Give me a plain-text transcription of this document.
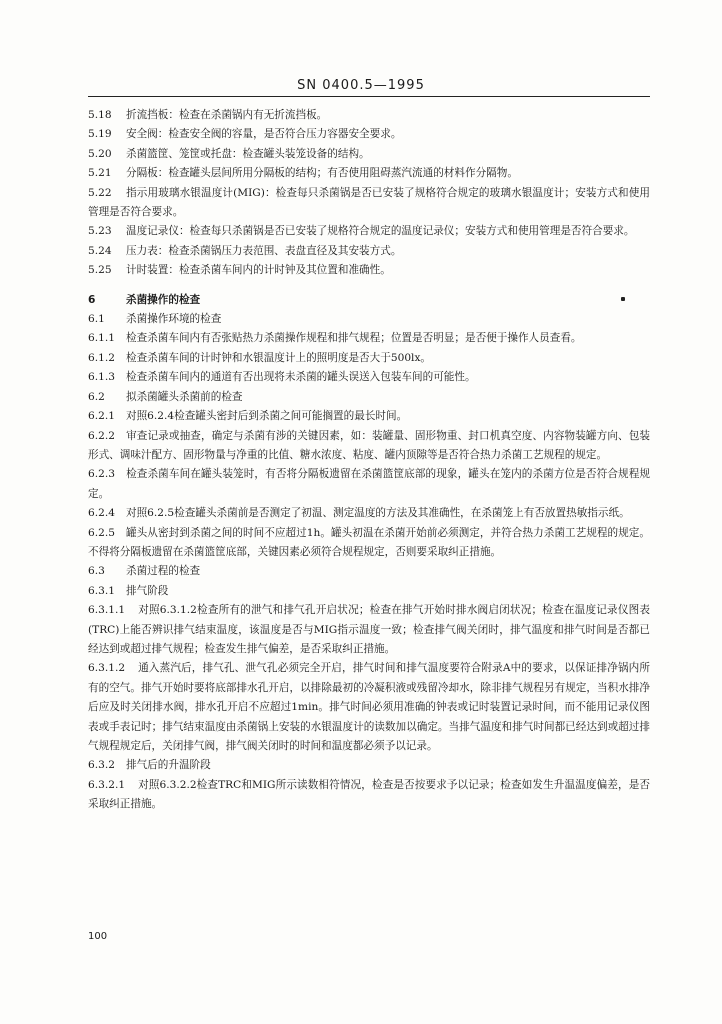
SN 0400.5—1995

5.18 折流挡板：检查在杀菌锅内有无折流挡板。

5.19 安全阀：检查安全阀的容量，是否符合压力容器安全要求。

5.20 杀菌篮筐、笼筐或托盘：检查罐头装笼设备的结构。

5.21 分隔板：检查罐头层间所用分隔板的结构；有否使用阻碍蒸汽流通的材料作分隔物。

5.22 指示用玻璃水银温度计(MIG)：检查每只杀菌锅是否已安装了规格符合规定的玻璃水银温度计；安装方式和使用管理是否符合要求。

5.23 温度记录仪：检查每只杀菌锅是否已安装了规格符合规定的温度记录仪；安装方式和使用管理是否符合要求。

5.24 压力表：检查杀菌锅压力表范围、表盘直径及其安装方式。

5.25 计时装置：检查杀菌车间内的计时钟及其位置和准确性。

6	杀菌操作的检查

6.1 杀菌操作环境的检查

6.1.1 检查杀菌车间内有否张贴热力杀菌操作规程和排气规程；位置是否明显；是否便于操作人员查看。

6.1.2 检查杀菌车间的计时钟和水银温度计上的照明度是否大于500lx。

6.1.3 检查杀菌车间内的通道有否出现将未杀菌的罐头误送入包装车间的可能性。

6.2 拟杀菌罐头杀菌前的检查

6.2.1 对照6.2.4检查罐头密封后到杀菌之间可能搁置的最长时间。

6.2.2 审查记录或抽查，确定与杀菌有涉的关键因素，如：装罐量、固形物重、封口机真空度、内容物装罐方向、包装形式、调味汁配方、固形物量与净重的比值、糖水浓度、粘度、罐内顶隙等是否符合热力杀菌工艺规程的规定。

6.2.3 检查杀菌车间在罐头装笼时，有否将分隔板遗留在杀菌篮筐底部的现象，罐头在笼内的杀菌方位是否符合规程规定。

6.2.4 对照6.2.5检查罐头杀菌前是否测定了初温、测定温度的方法及其准确性，在杀菌笼上有否放置热敏指示纸。

6.2.5 罐头从密封到杀菌之间的时间不应超过1h。罐头初温在杀菌开始前必须测定，并符合热力杀菌工艺规程的规定。不得将分隔板遗留在杀菌篮筐底部，关键因素必须符合规程规定，否则要采取纠正措施。

6.3 杀菌过程的检查

6.3.1 排气阶段

6.3.1.1 对照6.3.1.2检查所有的泄气和排气孔开启状况；检查在排气开始时排水阀启闭状况；检查在温度记录仪图表(TRC)上能否辨识排气结束温度，该温度是否与MIG指示温度一致；检查排气阀关闭时，排气温度和排气时间是否都已经达到或超过排气规程；检查发生排气偏差，是否采取纠正措施。

6.3.1.2 通入蒸汽后，排气孔、泄气孔必须完全开启，排气时间和排气温度要符合附录A中的要求，以保证排净锅内所有的空气。排气开始时要将底部排水孔开启，以排除最初的冷凝积液或残留冷却水，除非排气规程另有规定，当积水排净后应及时关闭排水阀，排水孔开启不应超过1min。排气时间必须用准确的钟表或记时装置记录时间，而不能用记录仪图表或手表记时；排气结束温度由杀菌锅上安装的水银温度计的读数加以确定。当排气温度和排气时间都已经达到或超过排气规程规定后，关闭排气阀，排气阀关闭时的时间和温度都必须予以记录。

6.3.2 排气后的升温阶段

6.3.2.1 对照6.3.2.2检查TRC和MIG所示读数相符情况，检查是否按要求予以记录；检查如发生升温温度偏差，是否采取纠正措施。

100
